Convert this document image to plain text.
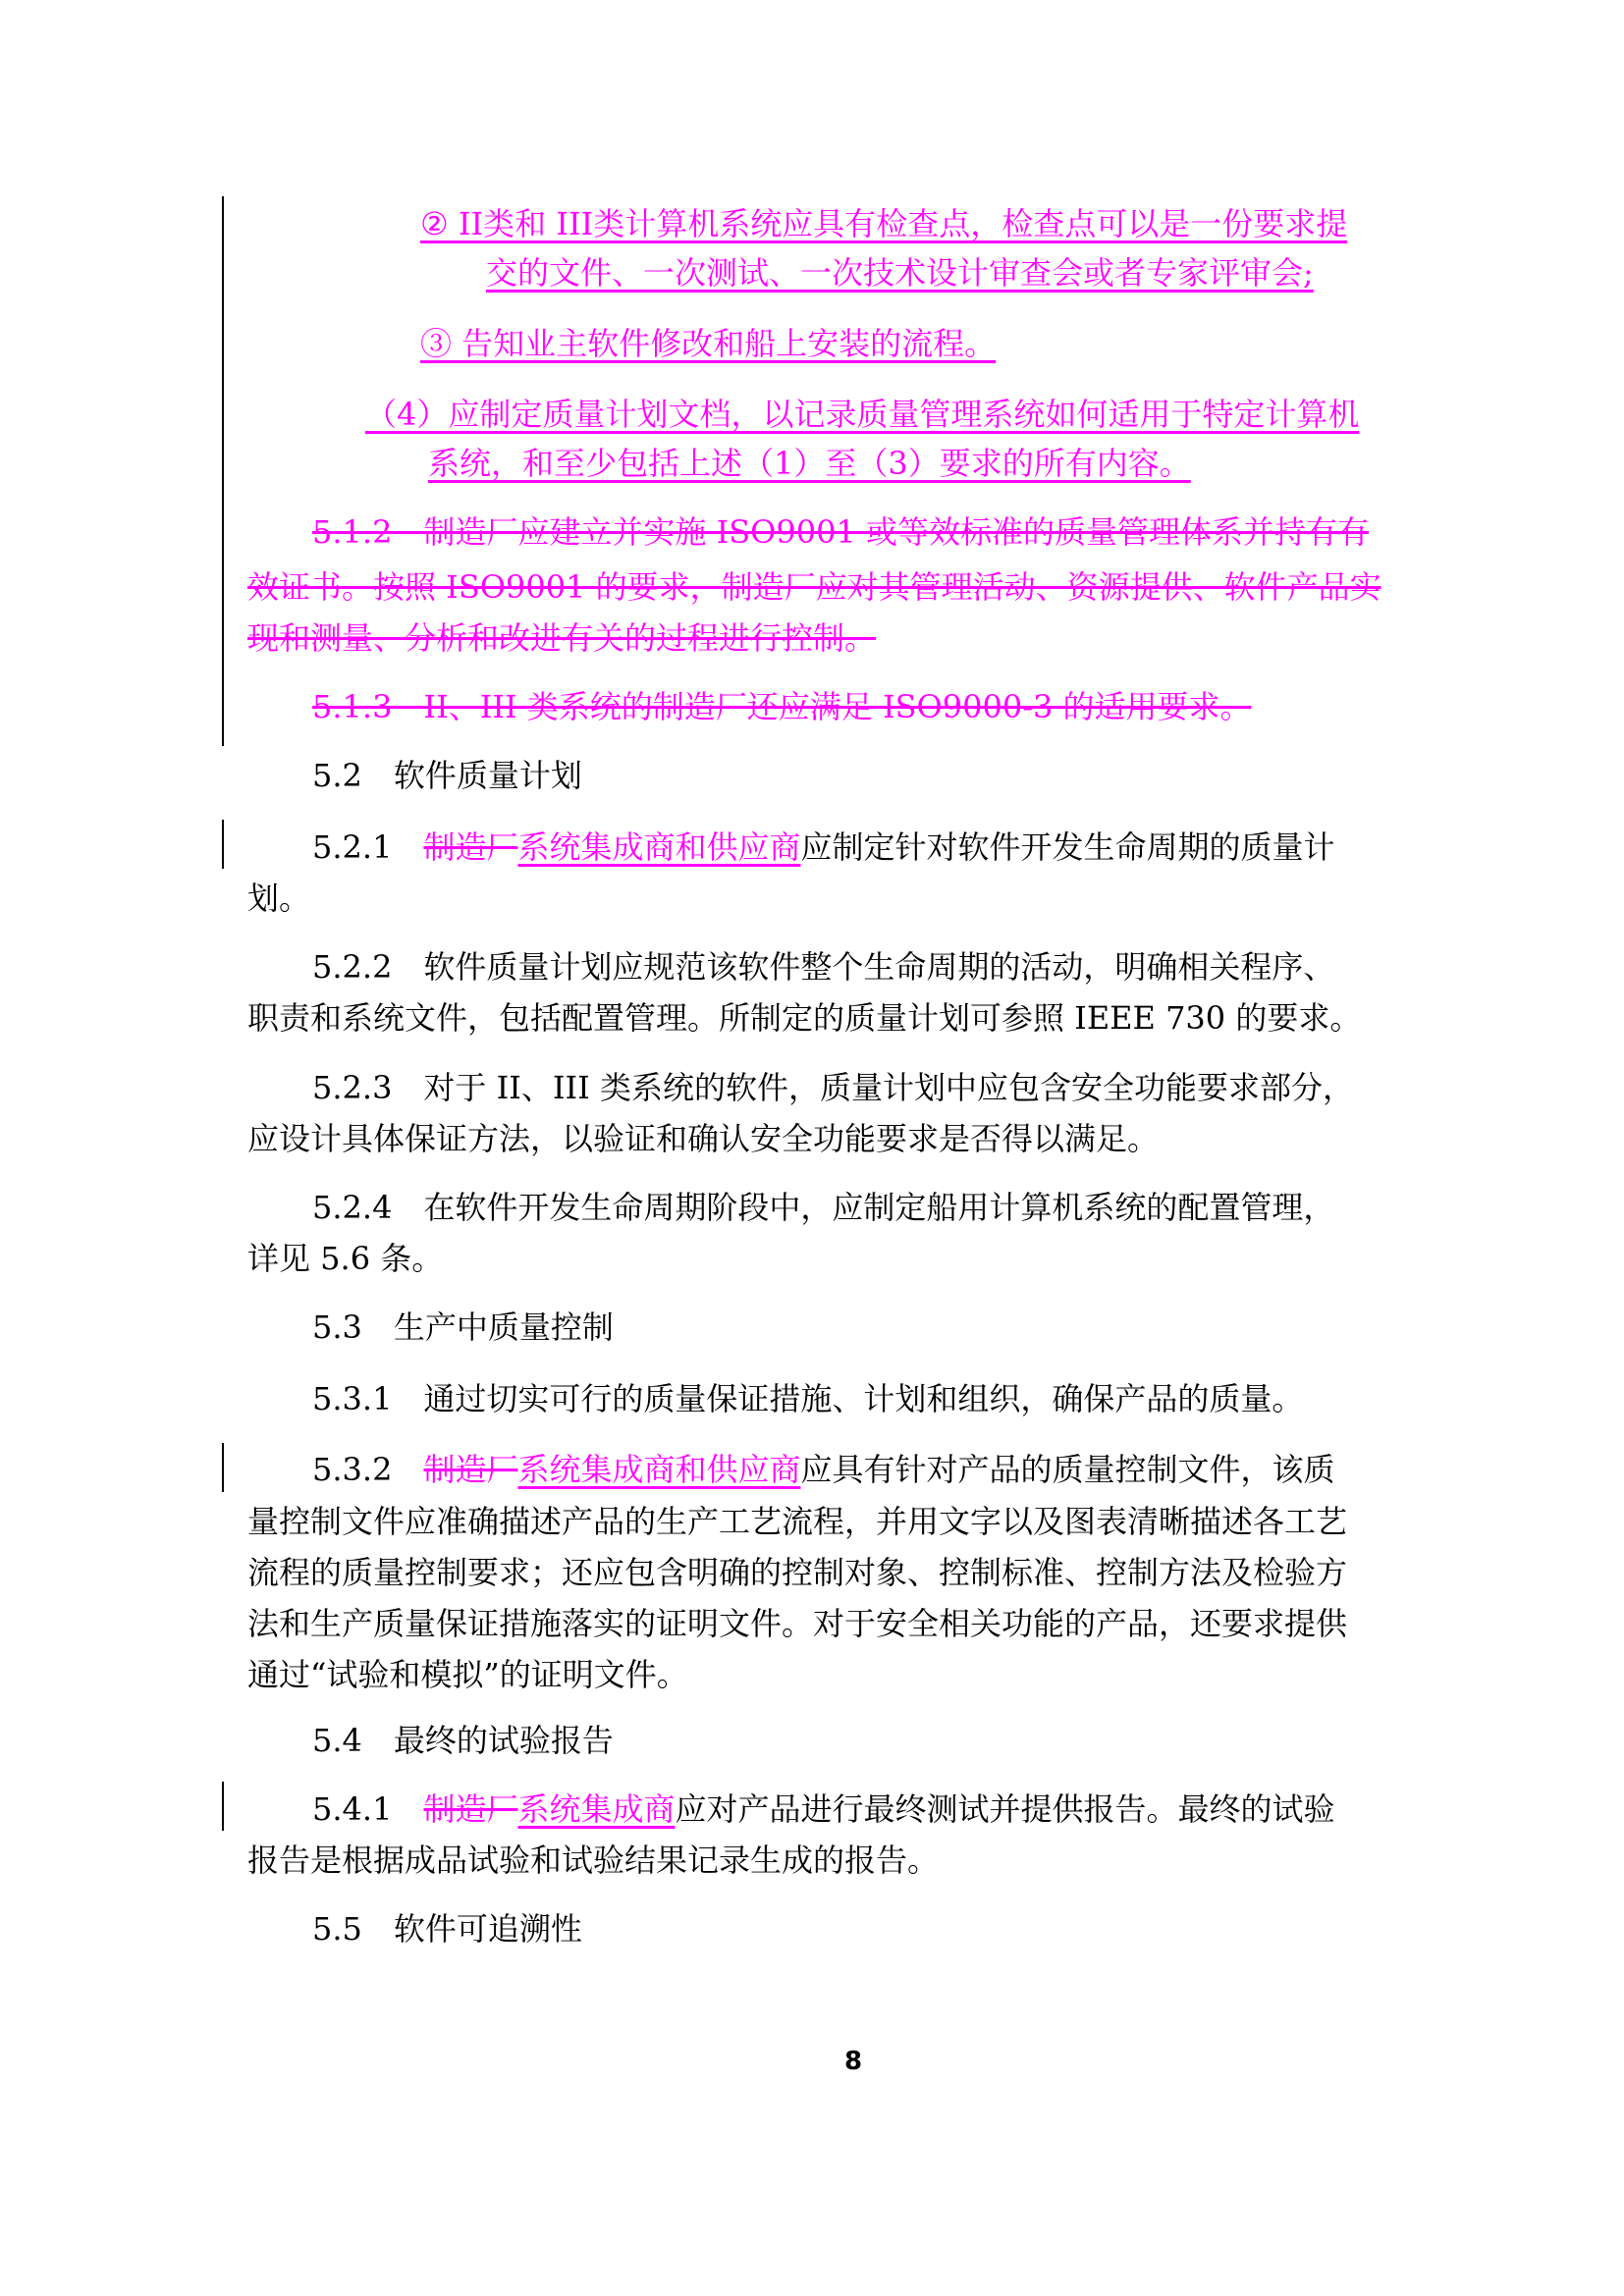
② II类和 III类计算机系统应具有检查点，检查点可以是一份要求提
交的文件、一次测试、一次技术设计审查会或者专家评审会;
③ 告知业主软件修改和船上安装的流程。
（4）应制定质量计划文档，以记录质量管理系统如何适用于特定计算机
系统，和至少包括上述（1）至（3）要求的所有内容。
5.1.2　制造厂应建立并实施 ISO9001 或等效标准的质量管理体系并持有有
效证书。按照 ISO9001 的要求，制造厂应对其管理活动、资源提供、软件产品实
现和测量、分析和改进有关的过程进行控制。
5.1.3　II、III 类系统的制造厂还应满足 ISO9000-3 的适用要求。
5.2　软件质量计划
5.2.1　制造厂系统集成商和供应商应制定针对软件开发生命周期的质量计
划。
5.2.2　软件质量计划应规范该软件整个生命周期的活动，明确相关程序、
职责和系统文件，包括配置管理。所制定的质量计划可参照 IEEE 730 的要求。
5.2.3　对于 II、III 类系统的软件，质量计划中应包含安全功能要求部分，
应设计具体保证方法，以验证和确认安全功能要求是否得以满足。
5.2.4　在软件开发生命周期阶段中，应制定船用计算机系统的配置管理，
详见 5.6 条。
5.3　生产中质量控制
5.3.1　通过切实可行的质量保证措施、计划和组织，确保产品的质量。
5.3.2　制造厂系统集成商和供应商应具有针对产品的质量控制文件，该质
量控制文件应准确描述产品的生产工艺流程，并用文字以及图表清晰描述各工艺
流程的质量控制要求；还应包含明确的控制对象、控制标准、控制方法及检验方
法和生产质量保证措施落实的证明文件。对于安全相关功能的产品，还要求提供
通过“试验和模拟”的证明文件。
5.4　最终的试验报告
5.4.1　制造厂系统集成商应对产品进行最终测试并提供报告。最终的试验
报告是根据成品试验和试验结果记录生成的报告。
5.5　软件可追溯性
8
